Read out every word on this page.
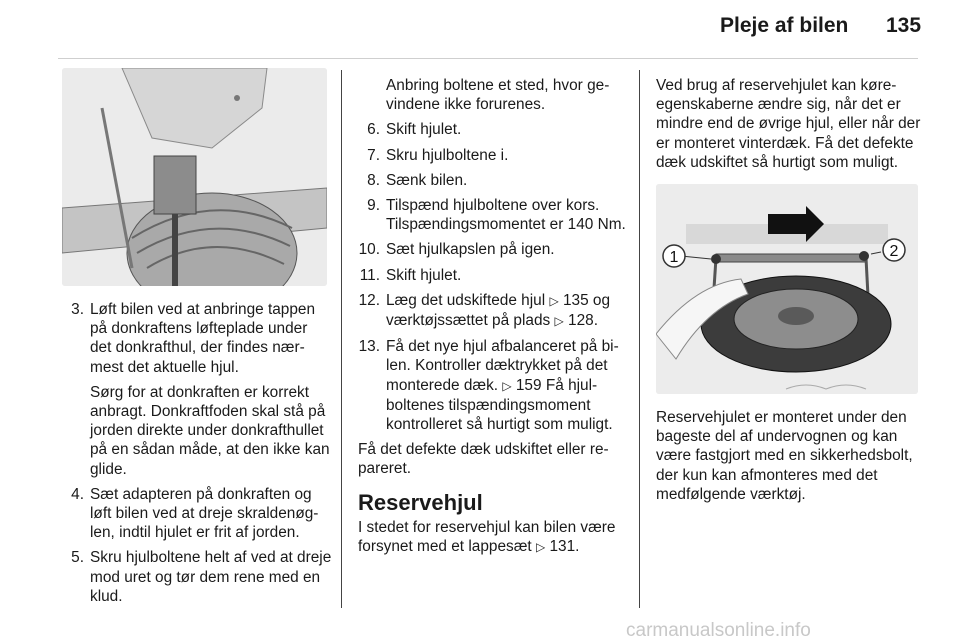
Pleje af bilen 135
3. Løft bilen ved at anbringe tappen på donkraftens løfteplade under det donkrafthul, der findes nærmest det aktuelle hjul.

Sørg for at donkraften er korrekt anbragt. Donkraftfoden skal stå på jorden direkte under donkrafthullet på en sådan måde, at den ikke kan glide.

4. Sæt adapteren på donkraften og løft bilen ved at dreje skraldenøglen, indtil hjulet er frit af jorden.
5. Skru hjulboltene helt af ved at dreje mod uret og tør dem rene med en klud.

Anbring boltene et sted, hvor gevindene ikke forurenes.

6. Skift hjulet.
7. Skru hjulboltene i.
8. Sænk bilen.
9. Tilspænd hjulboltene over kors. Tilspændingsmomentet er 140 Nm.
10. Sæt hjulkapslen på igen.
11. Skift hjulet.
12. Læg det udskiftede hjul ▷ 135 og værktøjssættet på plads ▷ 128.
13. Få det nye hjul afbalanceret på bilen. Kontroller dæktrykket på det monterede dæk. ▷ 159 Få hjulboltenes tilspændingsmoment kontrolleret så hurtigt som muligt.

Få det defekte dæk udskiftet eller repareret.

Reservehjul

I stedet for reservehjul kan bilen være forsynet med et lappesæt ▷ 131.

Ved brug af reservehjulet kan køreegenskaberne ændre sig, når det er mindre end de øvrige hjul, eller når der er monteret vinterdæk. Få det defekte dæk udskiftet så hurtigt som muligt.

1	2

Reservehjulet er monteret under den bageste del af undervognen og kan være fastgjort med en sikkerhedsbolt, der kun kan afmonteres med det medfølgende værktøj.

carmanualsonline.info
